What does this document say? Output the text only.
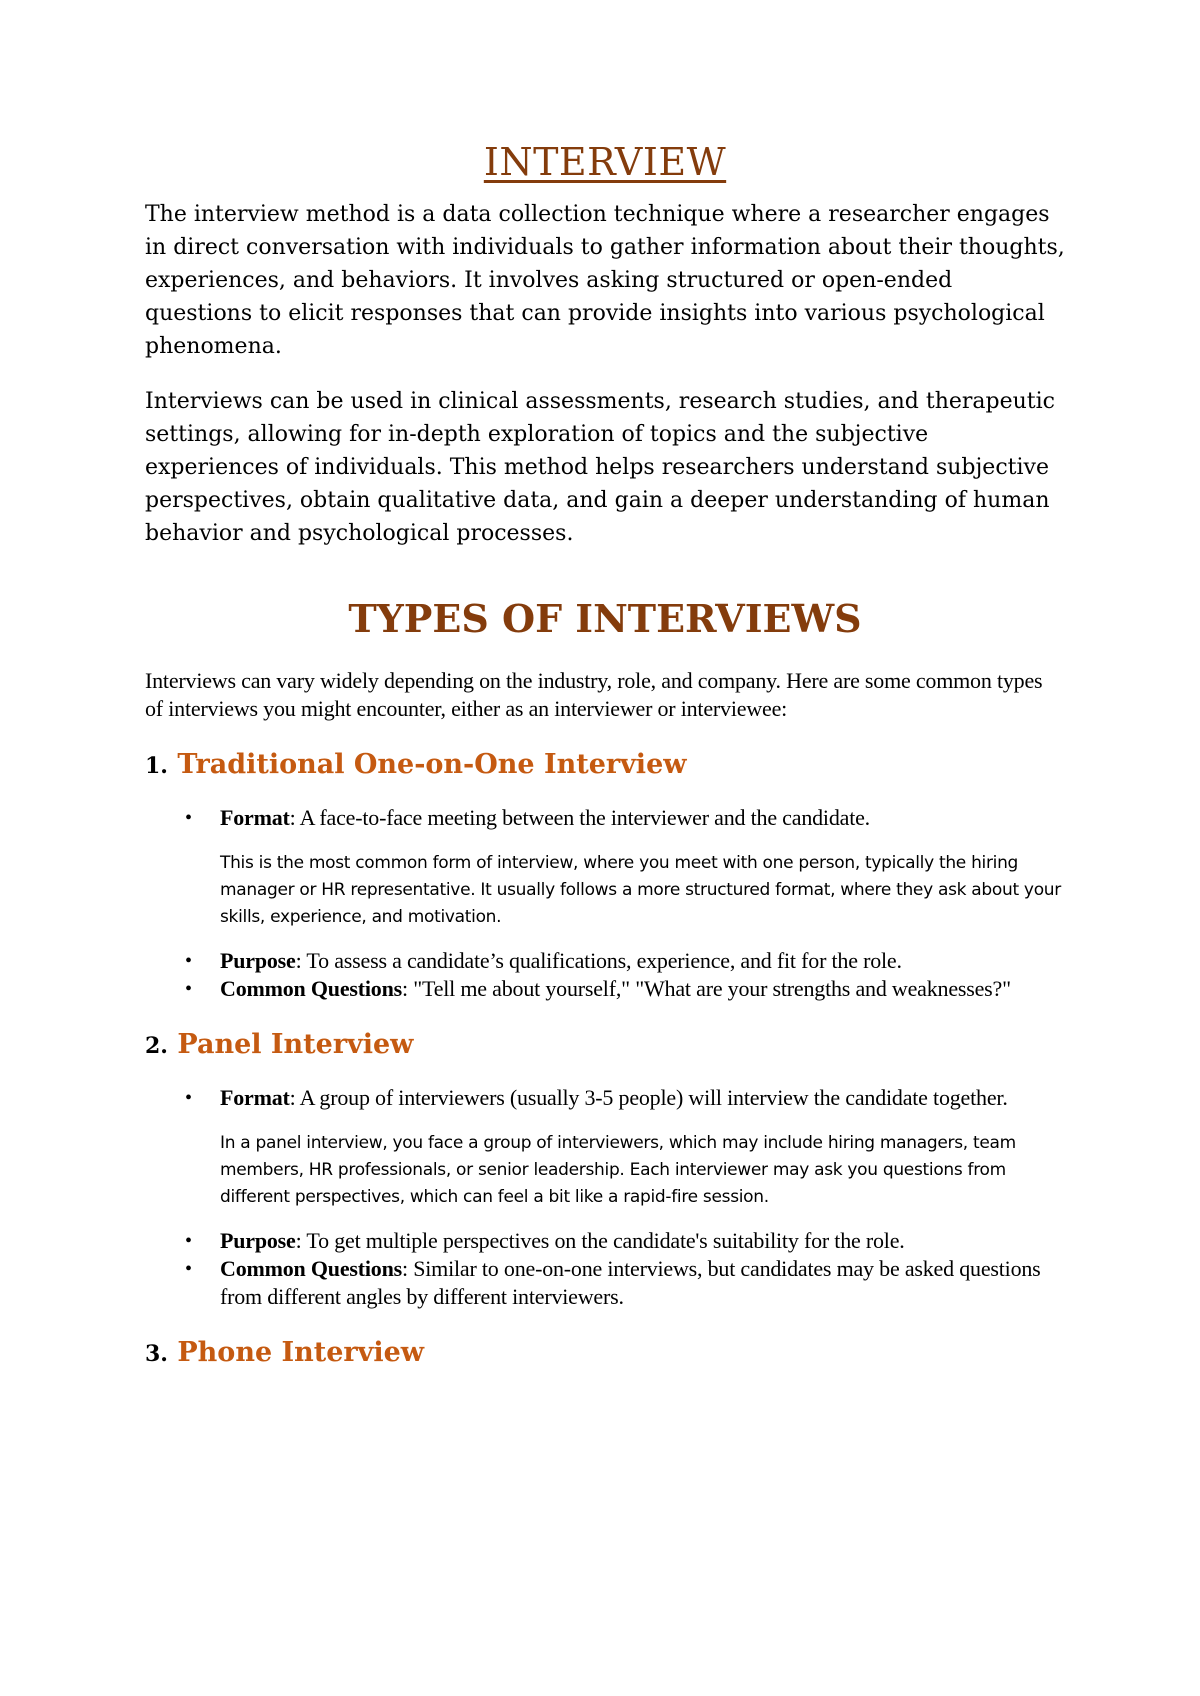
INTERVIEW

The interview method is a data collection technique where a researcher engages in direct conversation with individuals to gather information about their thoughts, experiences, and behaviors. It involves asking structured or open-ended questions to elicit responses that can provide insights into various psychological phenomena.

Interviews can be used in clinical assessments, research studies, and therapeutic settings, allowing for in-depth exploration of topics and the subjective experiences of individuals. This method helps researchers understand subjective perspectives, obtain qualitative data, and gain a deeper understanding of human behavior and psychological processes.

TYPES OF INTERVIEWS

Interviews can vary widely depending on the industry, role, and company. Here are some common types of interviews you might encounter, either as an interviewer or interviewee:

1. Traditional One-on-One Interview
• Format: A face-to-face meeting between the interviewer and the candidate.

This is the most common form of interview, where you meet with one person, typically the hiring manager or HR representative. It usually follows a more structured format, where they ask about your skills, experience, and motivation.

• Purpose: To assess a candidate’s qualifications, experience, and fit for the role.
• Common Questions: "Tell me about yourself," "What are your strengths and weaknesses?"
2. Panel Interview
• Format: A group of interviewers (usually 3-5 people) will interview the candidate together.

In a panel interview, you face a group of interviewers, which may include hiring managers, team members, HR professionals, or senior leadership. Each interviewer may ask you questions from different perspectives, which can feel a bit like a rapid-fire session.

• Purpose: To get multiple perspectives on the candidate's suitability for the role.
• Common Questions: Similar to one-on-one interviews, but candidates may be asked questions from different angles by different interviewers.
3. Phone Interview
